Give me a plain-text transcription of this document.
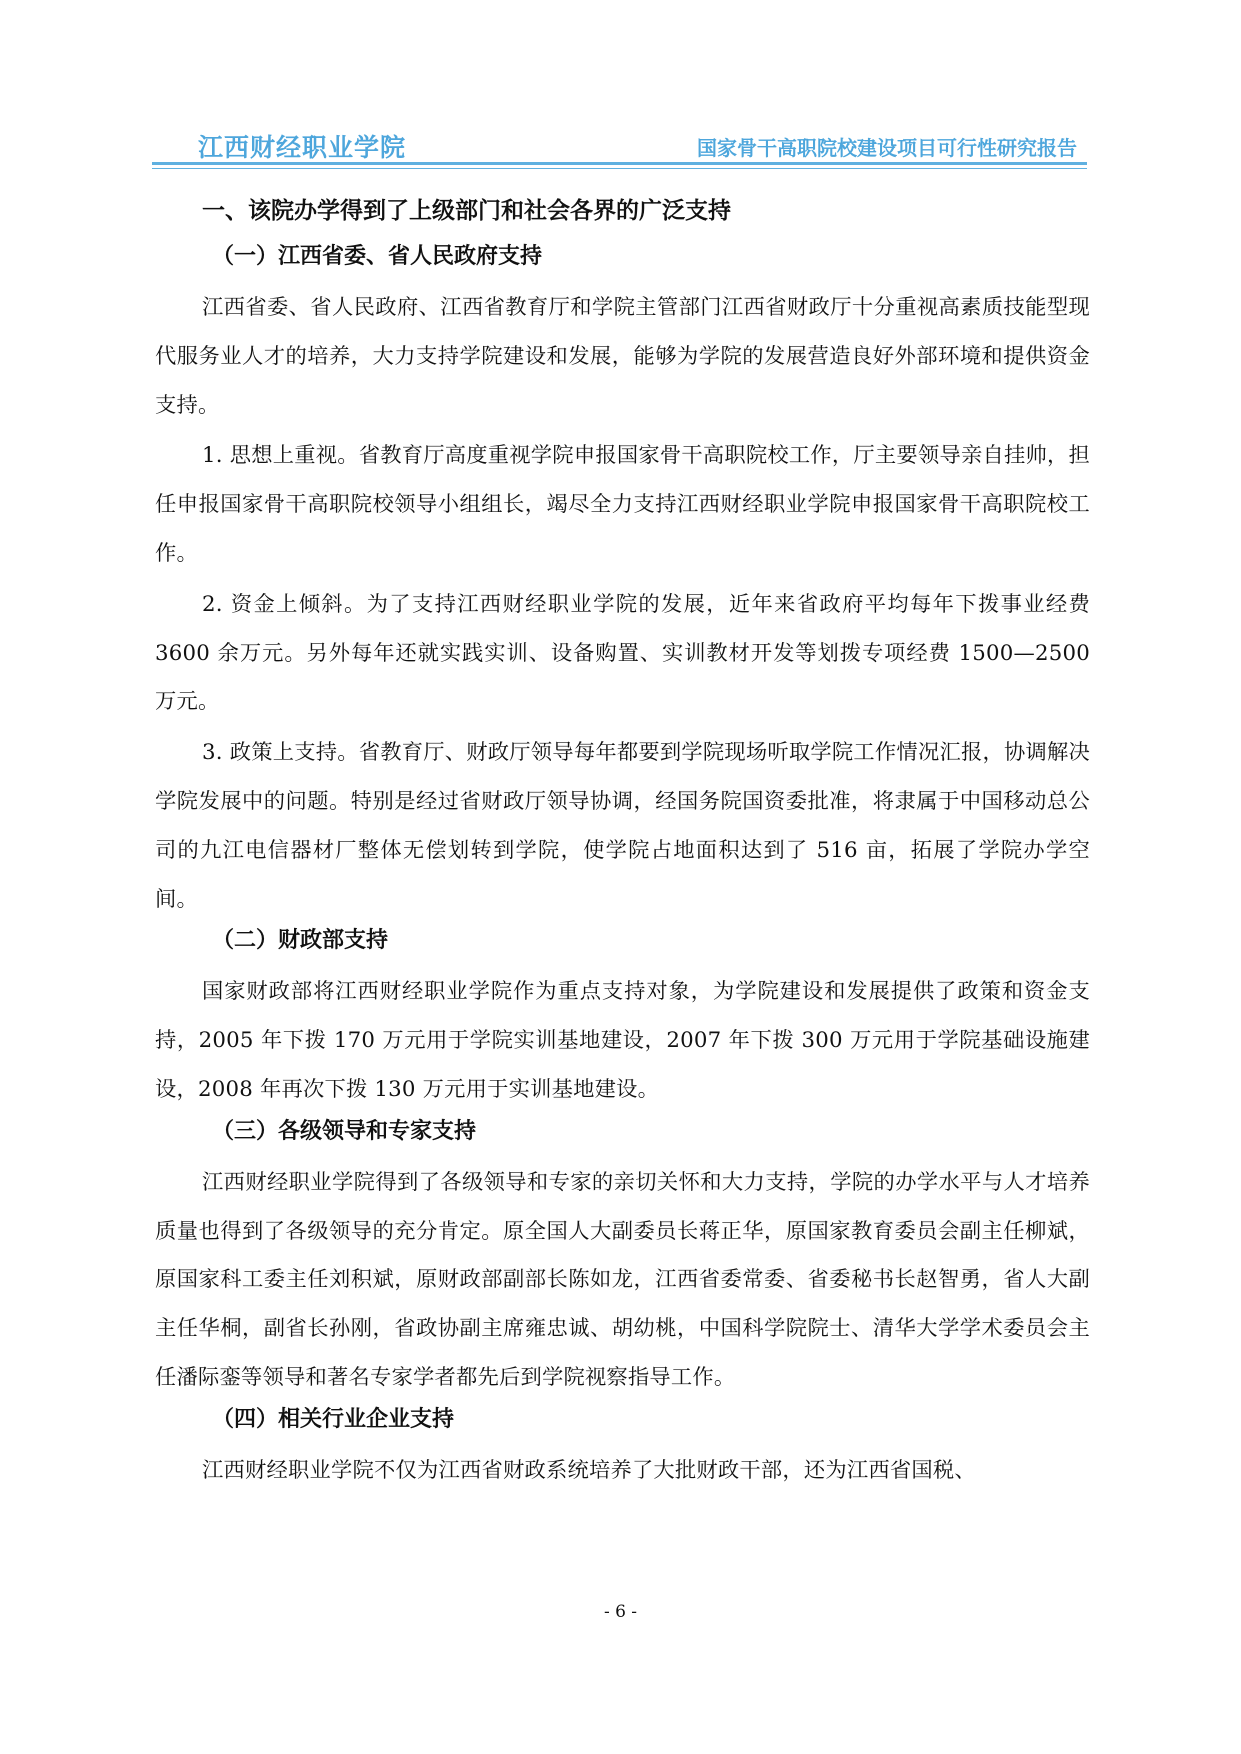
江西财经职业学院	国家骨干高职院校建设项目可行性研究报告
一、该院办学得到了上级部门和社会各界的广泛支持
（一）江西省委、省人民政府支持

江西省委、省人民政府、江西省教育厅和学院主管部门江西省财政厅十分重视高素质技能型现代服务业人才的培养，大力支持学院建设和发展，能够为学院的发展营造良好外部环境和提供资金支持。

1. 思想上重视。省教育厅高度重视学院申报国家骨干高职院校工作，厅主要领导亲自挂帅，担任申报国家骨干高职院校领导小组组长，竭尽全力支持江西财经职业学院申报国家骨干高职院校工作。

2. 资金上倾斜。为了支持江西财经职业学院的发展，近年来省政府平均每年下拨事业经费 3600 余万元。另外每年还就实践实训、设备购置、实训教材开发等划拨专项经费 1500—2500 万元。

3. 政策上支持。省教育厅、财政厅领导每年都要到学院现场听取学院工作情况汇报，协调解决学院发展中的问题。特别是经过省财政厅领导协调，经国务院国资委批准，将隶属于中国移动总公司的九江电信器材厂整体无偿划转到学院，使学院占地面积达到了 516 亩，拓展了学院办学空间。

（二）财政部支持

国家财政部将江西财经职业学院作为重点支持对象，为学院建设和发展提供了政策和资金支持，2005 年下拨 170 万元用于学院实训基地建设，2007 年下拨 300 万元用于学院基础设施建设，2008 年再次下拨 130 万元用于实训基地建设。

（三）各级领导和专家支持

江西财经职业学院得到了各级领导和专家的亲切关怀和大力支持，学院的办学水平与人才培养质量也得到了各级领导的充分肯定。原全国人大副委员长蒋正华，原国家教育委员会副主任柳斌，原国家科工委主任刘积斌，原财政部副部长陈如龙，江西省委常委、省委秘书长赵智勇，省人大副主任华桐，副省长孙刚，省政协副主席雍忠诚、胡幼桃，中国科学院院士、清华大学学术委员会主任潘际銮等领导和著名专家学者都先后到学院视察指导工作。

（四）相关行业企业支持

江西财经职业学院不仅为江西省财政系统培养了大批财政干部，还为江西省国税、

- 6 -
